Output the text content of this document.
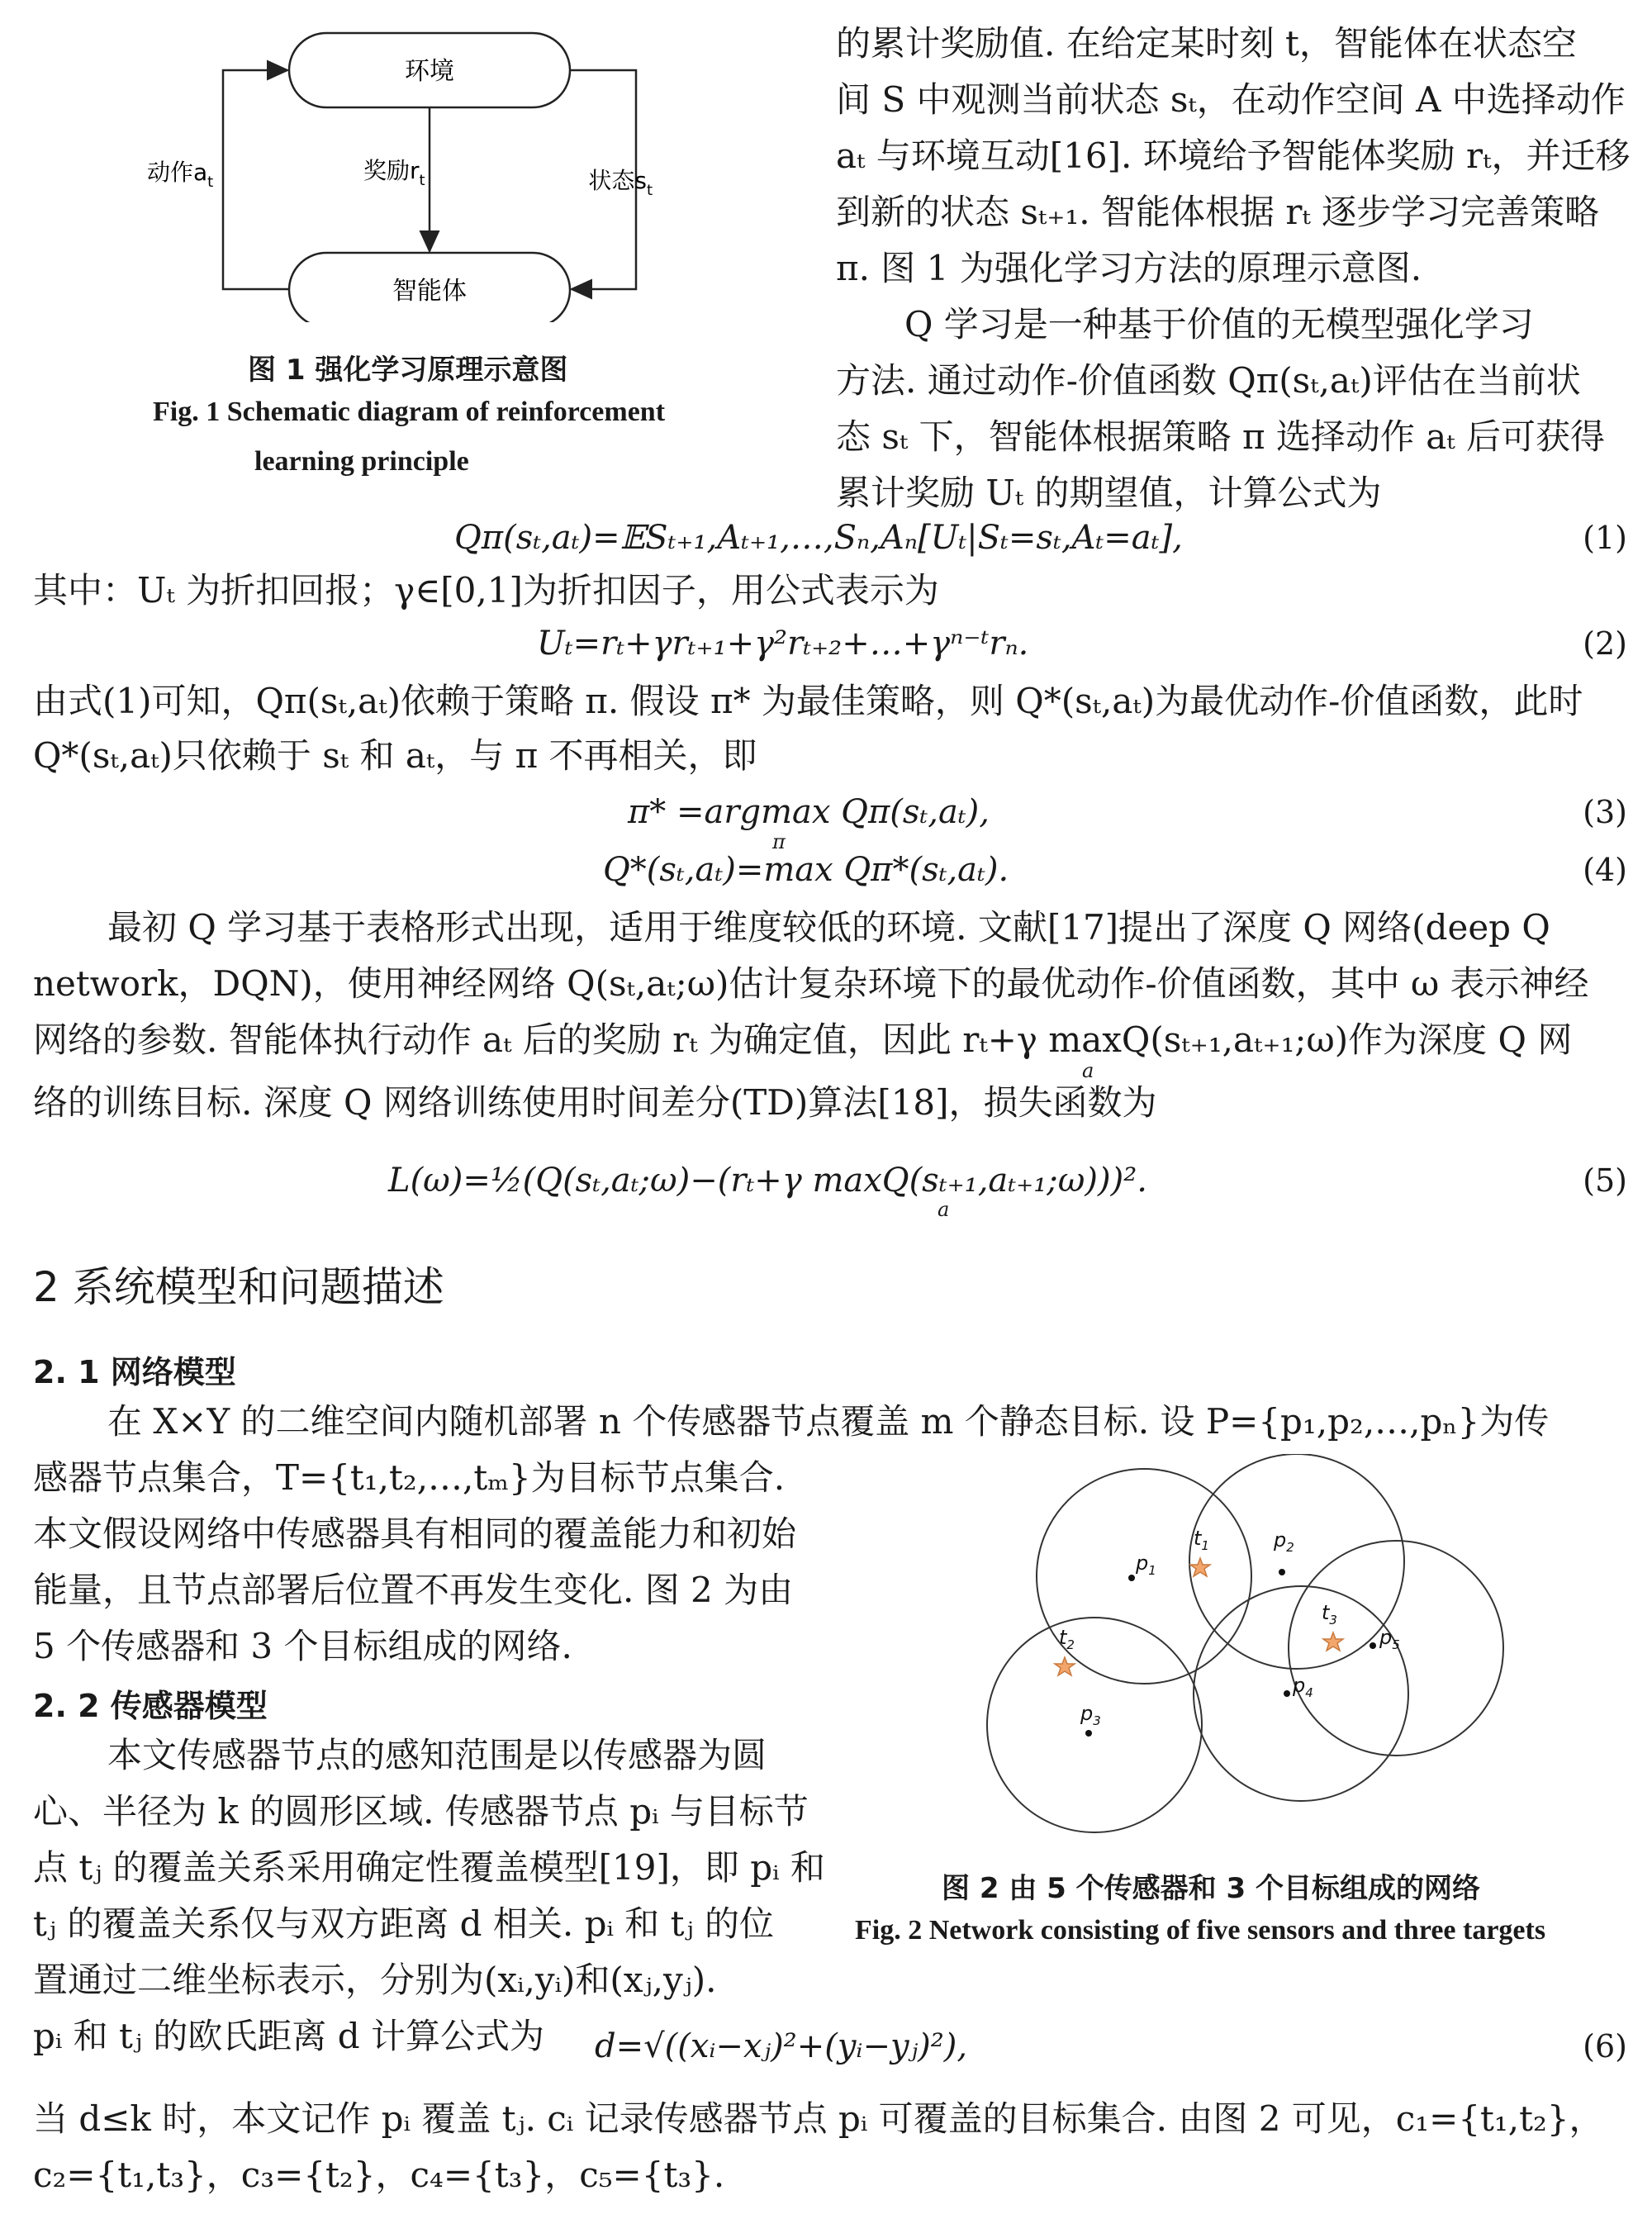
环境
智能体
动作$a_t$	奖励$r_t$	状态$s_t$
图 1 强化学习原理示意图
Fig. 1 Schematic diagram of reinforcement
learning principle
的累计奖励值. 在给定某时刻 t，智能体在状态空
间 S 中观测当前状态 sₜ，在动作空间 A 中选择动作
aₜ 与环境互动[16]. 环境给予智能体奖励 rₜ，并迁移
到新的状态 sₜ₊₁. 智能体根据 rₜ 逐步学习完善策略
π. 图 1 为强化学习方法的原理示意图.
Q 学习是一种基于价值的无模型强化学习
方法. 通过动作-价值函数 Qπ(sₜ,aₜ)评估在当前状
态 sₜ 下，智能体根据策略 π 选择动作 aₜ 后可获得
累计奖励 Uₜ 的期望值，计算公式为
Qπ(sₜ,aₜ)=𝔼Sₜ₊₁,Aₜ₊₁,…,Sₙ,Aₙ[Uₜ|Sₜ=sₜ,Aₜ=aₜ],	(1)
其中：Uₜ 为折扣回报；γ∈[0,1]为折扣因子，用公式表示为
Uₜ=rₜ+γrₜ₊₁+γ²rₜ₊₂+…+γⁿ⁻ᵗrₙ.	(2)
由式(1)可知，Qπ(sₜ,aₜ)依赖于策略 π. 假设 π* 为最佳策略，则 Q*(sₜ,aₜ)为最优动作-价值函数，此时
Q*(sₜ,aₜ)只依赖于 sₜ 和 aₜ，与 π 不再相关，即
π* =argmax Qπ(sₜ,aₜ),
π
(3)
Q*(sₜ,aₜ)=max Qπ*(sₜ,aₜ).	(4)
最初 Q 学习基于表格形式出现，适用于维度较低的环境. 文献[17]提出了深度 Q 网络(deep Q
network，DQN)，使用神经网络 Q(sₜ,aₜ;ω)估计复杂环境下的最优动作-价值函数，其中 ω 表示神经
网络的参数. 智能体执行动作 aₜ 后的奖励 rₜ 为确定值，因此 rₜ+γ maxQ(sₜ₊₁,aₜ₊₁;ω)作为深度 Q 网
a
络的训练目标. 深度 Q 网络训练使用时间差分(TD)算法[18]，损失函数为
L(ω)=½(Q(sₜ,aₜ;ω)−(rₜ+γ maxQ(sₜ₊₁,aₜ₊₁;ω)))².
a
(5)
2 系统模型和问题描述
2. 1 网络模型
在 X×Y 的二维空间内随机部署 n 个传感器节点覆盖 m 个静态目标. 设 P={p₁,p₂,…,pₙ}为传
感器节点集合，T={t₁,t₂,…,tₘ}为目标节点集合.
本文假设网络中传感器具有相同的覆盖能力和初始
能量，且节点部署后位置不再发生变化. 图 2 为由
5 个传感器和 3 个目标组成的网络.
2. 2 传感器模型
本文传感器节点的感知范围是以传感器为圆
心、半径为 k 的圆形区域. 传感器节点 pᵢ 与目标节
点 tⱼ 的覆盖关系采用确定性覆盖模型[19]，即 pᵢ 和
tⱼ 的覆盖关系仅与双方距离 d 相关. pᵢ 和 tⱼ 的位
置通过二维坐标表示，分别为(xᵢ,yᵢ)和(xⱼ,yⱼ).
pᵢ 和 tⱼ 的欧氏距离 d 计算公式为
$p_1$
$p_2$
$p_3$
$p_4$
$p_5$
$t_1$
$t_2$
$t_3$
图 2 由 5 个传感器和 3 个目标组成的网络
Fig. 2 Network consisting of five sensors and three targets
d=√((xᵢ−xⱼ)²+(yᵢ−yⱼ)²),	(6)
当 d≤k 时，本文记作 pᵢ 覆盖 tⱼ. cᵢ 记录传感器节点 pᵢ 可覆盖的目标集合. 由图 2 可见，c₁={t₁,t₂}，
c₂={t₁,t₃}，c₃={t₂}，c₄={t₃}，c₅={t₃}.
